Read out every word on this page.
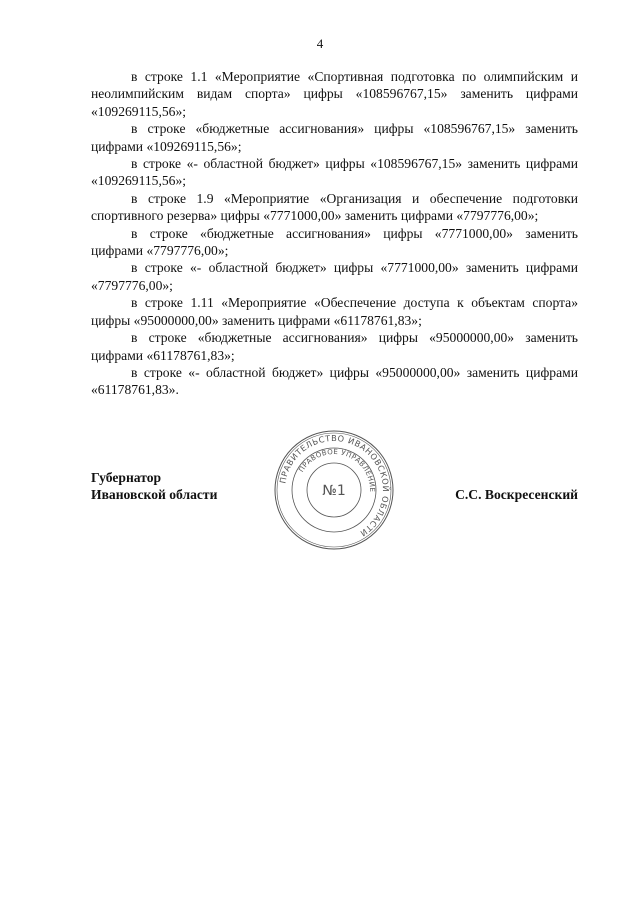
4

в строке 1.1 «Мероприятие «Спортивная подготовка по олимпийским и неолимпийским видам спорта» цифры «108596767,15» заменить цифрами «109269115,56»;

в строке «бюджетные ассигнования» цифры «108596767,15» заменить цифрами «109269115,56»;

в строке «- областной бюджет» цифры «108596767,15» заменить цифрами «109269115,56»;

в строке 1.9 «Мероприятие «Организация и обеспечение подготовки спортивного резерва» цифры «7771000,00» заменить цифрами «7797776,00»;

в строке «бюджетные ассигнования» цифры «7771000,00» заменить цифрами «7797776,00»;

в строке «- областной бюджет» цифры «7771000,00» заменить цифрами «7797776,00»;

в строке 1.11 «Мероприятие «Обеспечение доступа к объектам спорта» цифры «95000000,00» заменить цифрами «61178761,83»;

в строке «бюджетные ассигнования» цифры «95000000,00» заменить цифрами «61178761,83»;

в строке «- областной бюджет» цифры «95000000,00» заменить цифрами «61178761,83».

Губернатор
Ивановской области	С.С. Воскресенский
ПРАВИТЕЛЬСТВО ИВАНОВСКОЙ ОБЛАСТИ
ПРАВОВОЕ УПРАВЛЕНИЕ
№1
